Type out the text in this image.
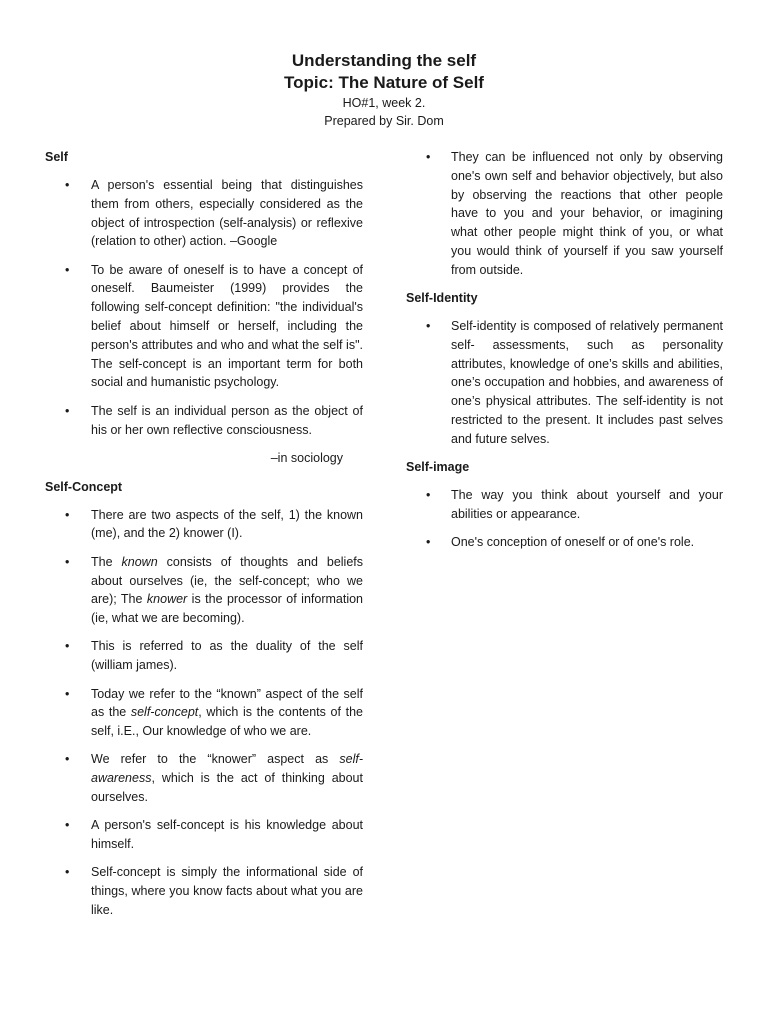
Understanding the self
Topic: The Nature of Self
HO#1, week 2.
Prepared by Sir. Dom
Self
• A person's essential being that distinguishes them from others, especially considered as the object of introspection (self-analysis) or reflexive (relation to other) action. –Google
• To be aware of oneself is to have a concept of oneself. Baumeister (1999) provides the following self-concept definition: "the individual's belief about himself or herself, including the person's attributes and who and what the self is". The self-concept is an important term for both social and humanistic psychology.
• The self is an individual person as the object of his or her own reflective consciousness.
–in sociology
Self-Concept
• There are two aspects of the self, 1) the known (me), and the 2) knower (I).
• The known consists of thoughts and beliefs about ourselves (ie, the self-concept; who we are); The knower is the processor of information (ie, what we are becoming).
• This is referred to as the duality of the self (william james).
• Today we refer to the “known” aspect of the self as the self-concept, which is the contents of the self, i.E., Our knowledge of who we are.
• We refer to the “knower” aspect as self-awareness, which is the act of thinking about ourselves.
• A person's self-concept is his knowledge about himself.
• Self-concept is simply the informational side of things, where you know facts about what you are like.
• They can be influenced not only by observing one's own self and behavior objectively, but also by observing the reactions that other people have to you and your behavior, or imagining what other people might think of you, or what you would think of yourself if you saw yourself from outside.
Self-Identity
• Self-identity is composed of relatively permanent self- assessments, such as personality attributes, knowledge of one’s skills and abilities, one’s occupation and hobbies, and awareness of one’s physical attributes. The self-identity is not restricted to the present. It includes past selves and future selves.
Self-image
• The way you think about yourself and your abilities or appearance.
• One's conception of oneself or of one's role.
